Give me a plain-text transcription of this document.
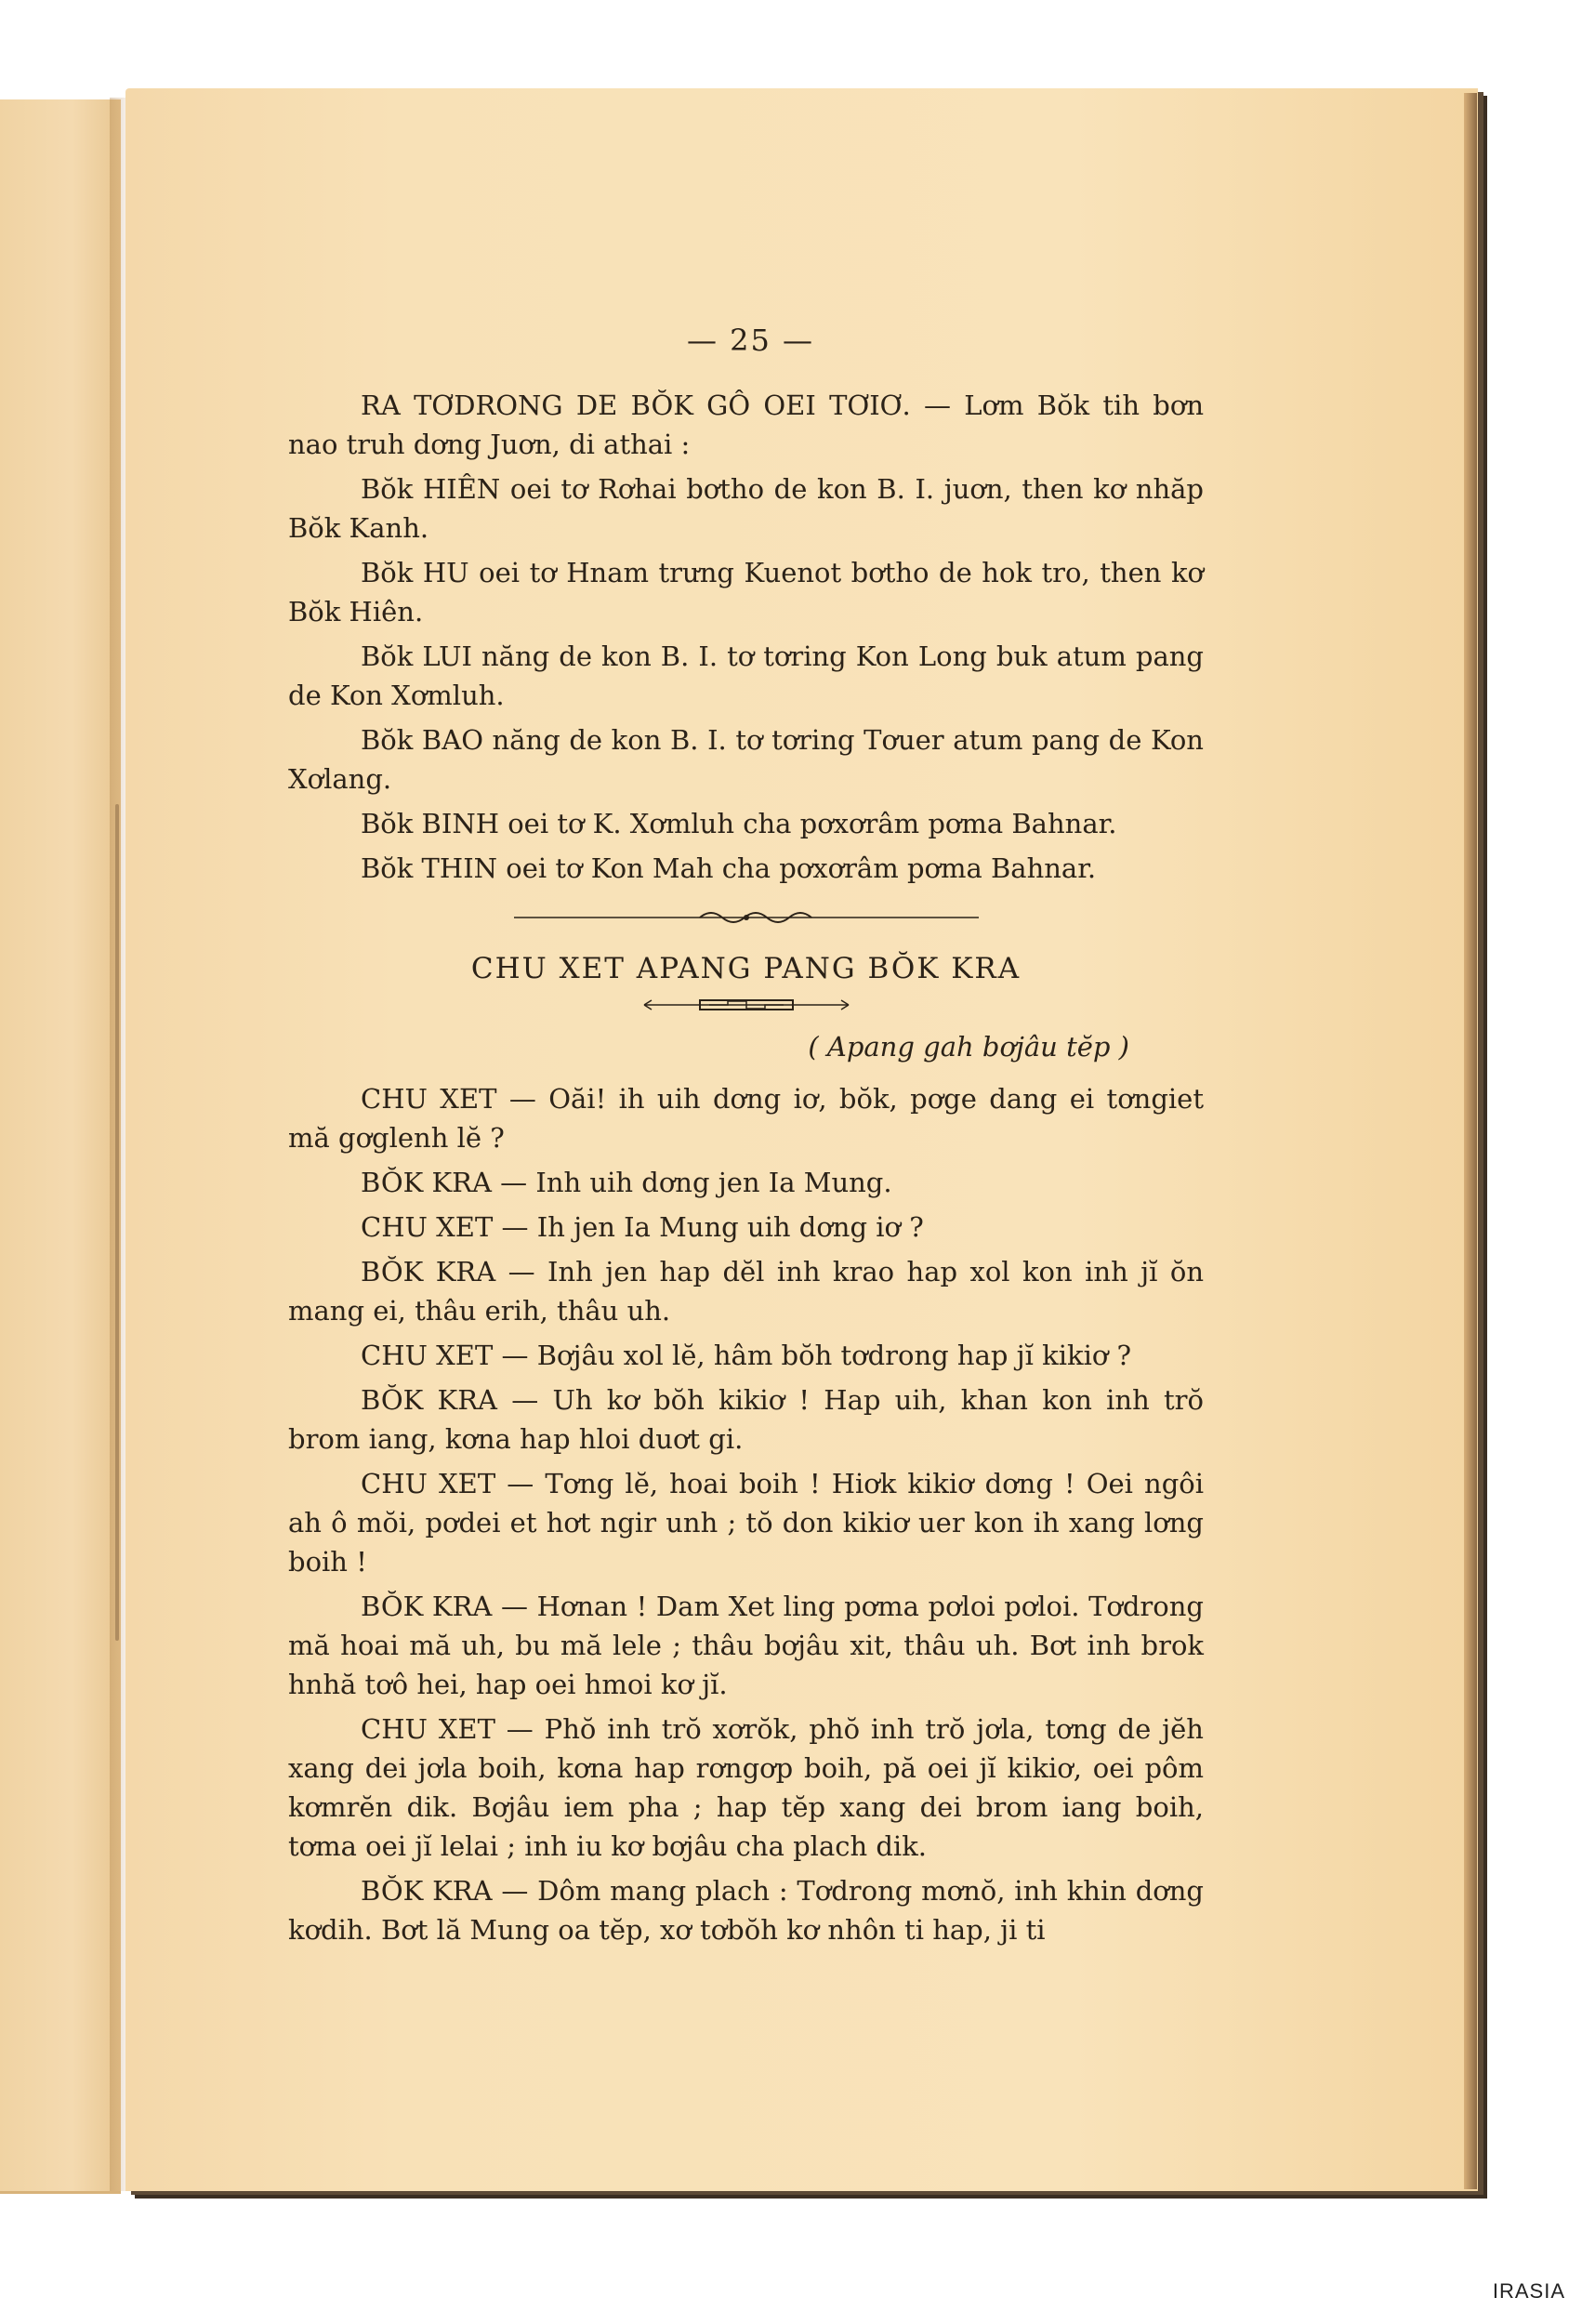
— 25 —

RA TƠDRONG DE BŎK GÔ OEI TƠIƠ. — Lơm Bŏk tih bơn nao truh dơng Juơn, di athai :

Bŏk HIÊN oei tơ Rơhai bơtho de kon B. I. juơn, then kơ nhăp Bŏk Kanh.

Bŏk HU oei tơ Hnam trưng Kuenot bơtho de hok tro, then kơ Bŏk Hiên.

Bŏk LUI năng de kon B. I. tơ tơring Kon Long buk atum pang de Kon Xơmluh.

Bŏk BAO năng de kon B. I. tơ tơring Tơuer atum pang de Kon Xơlang.

Bŏk BINH oei tơ K. Xơmluh cha pơxơrâm pơma Bahnar.

Bŏk THIN oei tơ Kon Mah cha pơxơrâm pơma Bahnar.

CHU XET APANG PANG BŎK KRA
( Apang gah bơjâu tĕp )

CHU XET — Oăi! ih uih dơng iơ, bŏk, pơge dang ei tơngiet mă gơglenh lĕ ?

BŎK KRA — Inh uih dơng jen Ia Mung.

CHU XET — Ih jen Ia Mung uih dơng iơ ?

BŎK KRA — Inh jen hap dĕl inh krao hap xol kon inh jĭ ŏn mang ei, thâu erih, thâu uh.

CHU XET — Bơjâu xol lĕ, hâm bŏh tơdrong hap jĭ kikiơ ?

BŎK KRA — Uh kơ bŏh kikiơ ! Hap uih, khan kon inh trŏ brom iang, kơna hap hloi duơt gi.

CHU XET — Tơng lĕ, hoai boih ! Hiơk kikiơ dơng ! Oei ngôi ah ô mŏi, pơdei et hơt ngir unh ; tŏ don kikiơ uer kon ih xang lơng boih !

BŎK KRA — Hơnan ! Dam Xet ling pơma pơloi pơloi. Tơdrong mă hoai mă uh, bu mă lele ; thâu bơjâu xit, thâu uh. Bơt inh brok hnhă tơô hei, hap oei hmoi kơ jĭ.

CHU XET — Phŏ inh trŏ xơrŏk, phŏ inh trŏ jơla, tơng de jĕh xang dei jơla boih, kơna hap rơngơp boih, pă oei jĭ kikiơ, oei pôm kơmrĕn dik. Bơjâu iem pha ; hap tĕp xang dei brom iang boih, tơma oei jĭ lelai ; inh iu kơ bơjâu cha plach dik.

BŎK KRA — Dôm mang plach : Tơdrong mơnŏ, inh khin dơng kơdih. Bơt lă Mung oa tĕp, xơ tơbŏh kơ nhôn ti hap, ji ti

IRASIA
